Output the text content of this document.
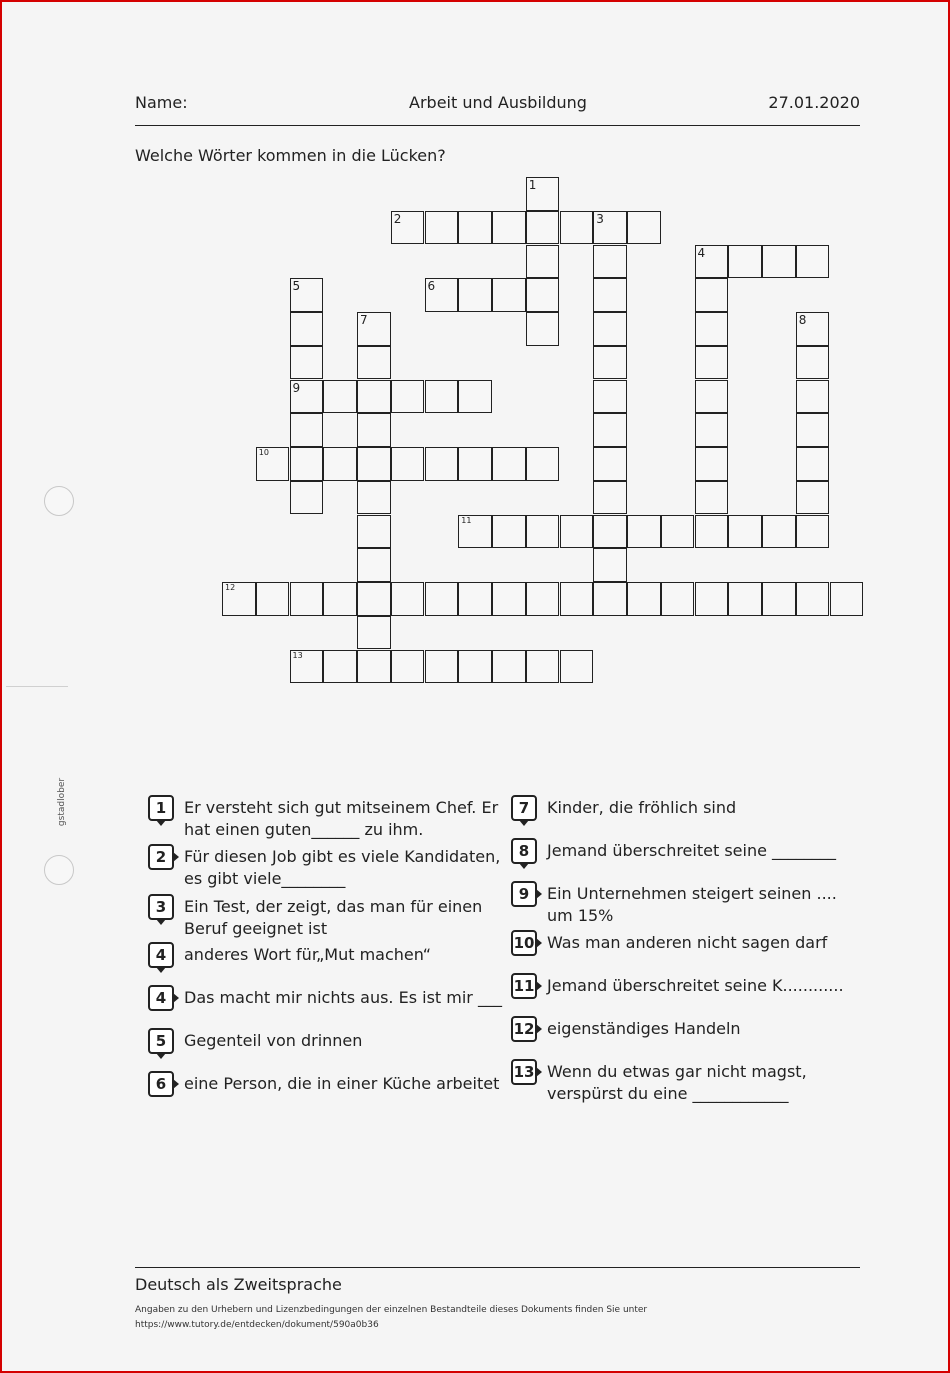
Name:	Arbeit und Ausbildung	27.01.2020
Welche Wörter kommen in die Lücken?
gstadlober
1
2	3
4
5
9
6
7	8
10
11
12
13
1	Er versteht sich gut mitseinem Chef. Er hat einen guten______ zu ihm.
2	Für diesen Job gibt es viele Kandidaten, es gibt viele________
3	Ein Test, der zeigt, das man für einen Beruf geeignet ist
4	anderes Wort für„Mut machen“
4	Das macht mir nichts aus. Es ist mir ___
5	Gegenteil von drinnen
6	eine Person, die in einer Küche arbeitet
7	Kinder, die fröhlich sind
8	Jemand überschreitet seine ________
9	Ein Unternehmen steigert seinen .... um 15%
10 Was man anderen nicht sagen darf
11 Jemand überschreitet seine K............
12 eigenständiges Handeln
13 Wenn du etwas gar nicht magst, verspürst du eine ____________
Deutsch als Zweitsprache
Angaben zu den Urhebern und Lizenzbedingungen der einzelnen Bestandteile dieses Dokuments finden Sie unter
https://www.tutory.de/entdecken/dokument/590a0b36
